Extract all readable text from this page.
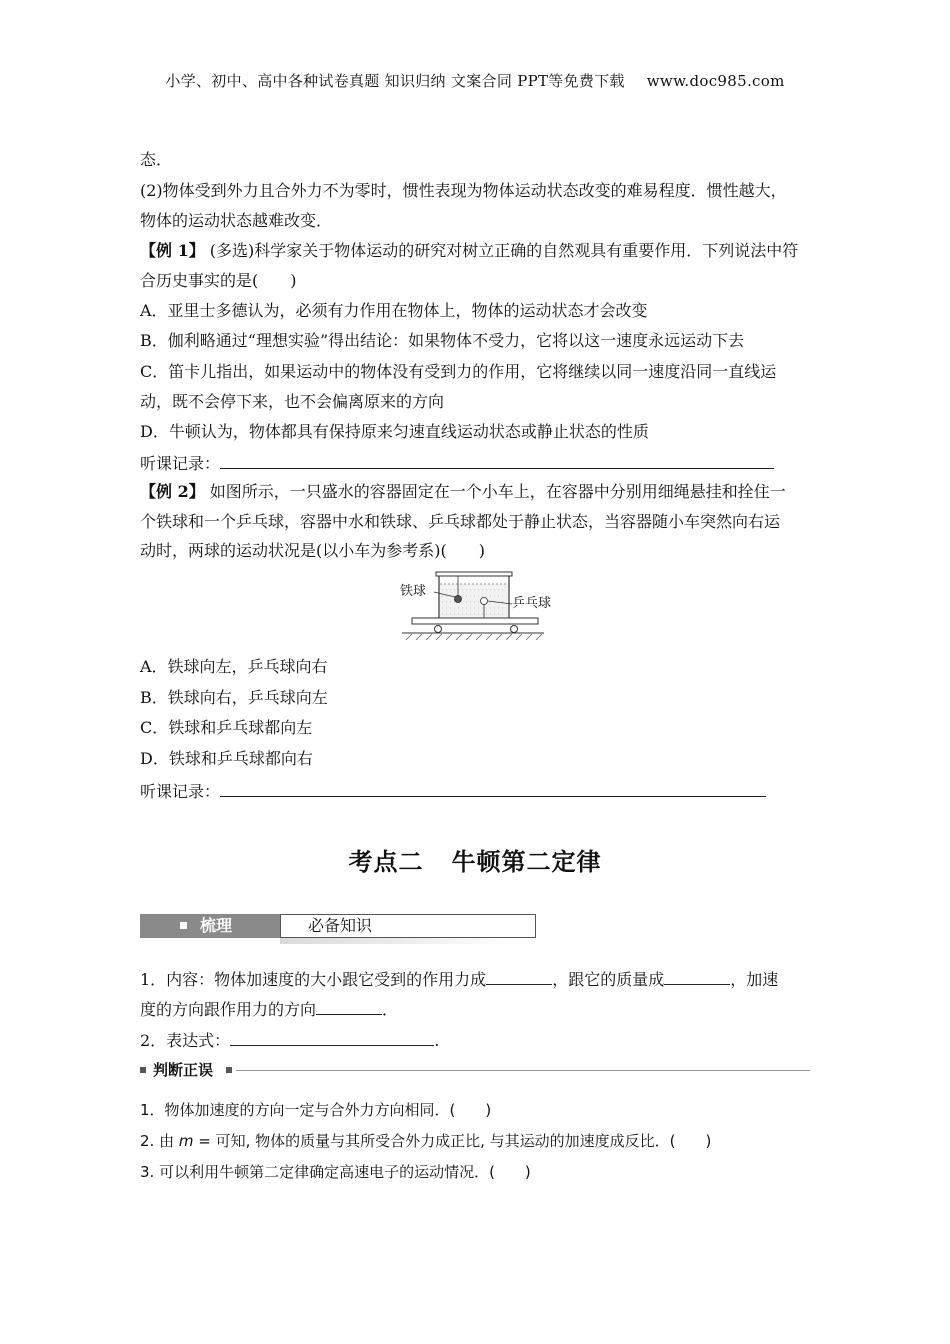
小学、初中、高中各种试卷真题 知识归纳 文案合同 PPT等免费下载 www.doc985.com
态．
(2)物体受到外力且合外力不为零时，惯性表现为物体运动状态改变的难易程度．惯性越大，
物体的运动状态越难改变．
【例 1】 (多选)科学家关于物体运动的研究对树立正确的自然观具有重要作用．下列说法中符
合历史事实的是(　　)
A．亚里士多德认为，必须有力作用在物体上，物体的运动状态才会改变
B．伽利略通过“理想实验”得出结论：如果物体不受力，它将以这一速度永远运动下去
C．笛卡儿指出，如果运动中的物体没有受到力的作用，它将继续以同一速度沿同一直线运
动，既不会停下来，也不会偏离原来的方向
D．牛顿认为，物体都具有保持原来匀速直线运动状态或静止状态的性质
听课记录：
【例 2】 如图所示，一只盛水的容器固定在一个小车上，在容器中分别用细绳悬挂和拴住一
个铁球和一个乒乓球，容器中水和铁球、乒乓球都处于静止状态，当容器随小车突然向右运
动时，两球的运动状况是(以小车为参考系)(　　)
铁球
乒乓球
A．铁球向左，乒乓球向右
B．铁球向右，乒乓球向左
C．铁球和乒乓球都向左
D．铁球和乒乓球都向右
听课记录：
考点二 牛顿第二定律
梳理	必备知识
1．内容：物体加速度的大小跟它受到的作用力成	，跟它的质量成	，加速
度的方向跟作用力的方向	．
2．表达式：	.
判断正误
1．物体加速度的方向一定与合外力方向相同．(　　)
2. 由 m = 可知, 物体的质量与其所受合外力成正比, 与其运动的加速度成反比．(　　)
3. 可以利用牛顿第二定律确定高速电子的运动情况．(　　)
